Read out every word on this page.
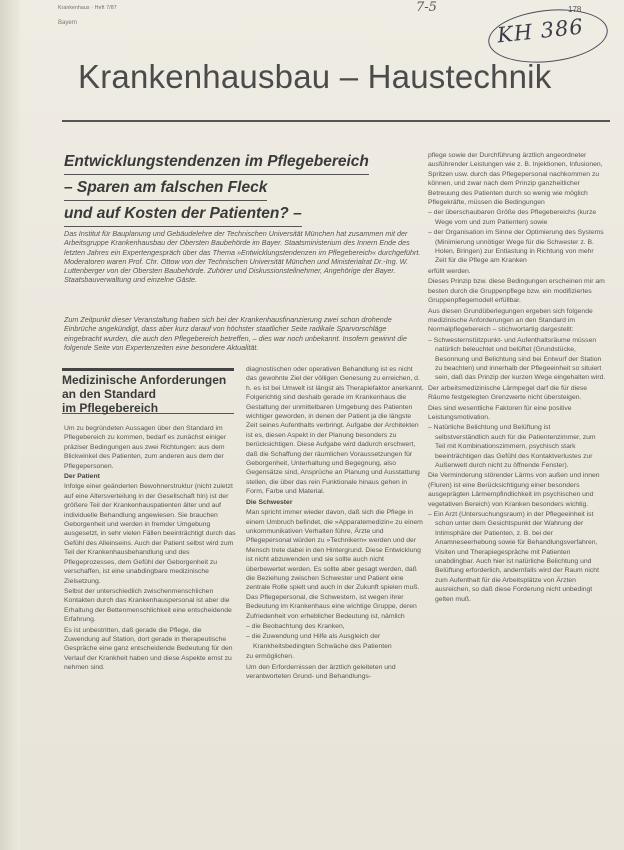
Krankenhaus · Heft 7/87	7-5	178
KH 386
Bayern
Krankenhausbau – Haustechnik
Entwicklungstendenzen im Pflegebereich
– Sparen am falschen Fleck
und auf Kosten der Patienten? –

Das Institut für Bauplanung und Gebäudelehre der Technischen Universität München hat zusammen mit der Arbeitsgruppe Krankenhausbau der Obersten Baubehörde im Bayer. Staatsministerium des Innern Ende des letzten Jahres ein Expertengespräch über das Thema »Entwicklungstendenzen im Pflegebereich« durchgeführt. Moderatoren waren Prof. Chr. Ottow von der Technischen Universität München und Ministerialrat Dr.-Ing. W. Luttenberger von der Obersten Baubehörde. Zuhörer und Diskussionsteilnehmer, Angehörige der Bayer. Staatsbauverwaltung und einzelne Gäste.

Zum Zeitpunkt dieser Veranstaltung haben sich bei der Krankenhausfinanzierung zwei schon drohende Einbrüche angekündigt, dass aber kurz darauf von höchster staatlicher Seite radikale Sparvorschläge eingebracht wurden, die auch den Pflegebereich betreffen, – dies war noch unbekannt. Insofern gewinnt die folgende Seite von Expertenzeiten eine besondere Aktualität.

pflege sowie der Durchführung ärztlich angeordneter ausführender Leistungen wie z. B. Injektionen, Infusionen, Spritzen usw. durch das Pflegepersonal nachkommen zu können, und zwar nach dem Prinzip ganzheitlicher Betreuung des Patienten durch so wenig wie möglich Pflegekräfte, müssen die Bedingungen

– der überschaubaren Größe des Pflegebereichs (kurze Wege vom und zum Patienten) sowie

– der Organisation im Sinne der Optimierung des Systems (Minimierung unnötiger Wege für die Schwester z. B. Holen, Bringen) zur Entlastung in Richtung von mehr Zeit für die Pflege am Kranken

erfüllt werden.

Dieses Prinzip bzw. diese Bedingungen erscheinen mir am besten durch die Gruppenpflege bzw. ein modifiziertes Gruppenpflegemodell erfüllbar.

Aus diesen Grundüberlegungen ergeben sich folgende medizinische Anforderungen an den Standard im Normalpflegebereich – stichwortartig dargestellt:

– Schwesternstützpunkt- und Aufenthaltsräume müssen natürlich beleuchtet und belüftet (Grundstücke, Besonnung und Belichtung sind bei Entwurf der Station zu beachten) und innerhalb der Pflegeeinheit so situiert sein, daß das Prinzip der kurzen Wege eingehalten wird.

Der arbeitsmedizinische Lärmpegel darf die für diese Räume festgelegten Grenzwerte nicht übersteigen.

Dies sind wesentliche Faktoren für eine positive Leistungsmotivation.

– Natürliche Belichtung und Belüftung ist selbstverständlich auch für die Patientenzimmer, zum Teil mit Kombinationszimmern, psychisch stark beeinträchtigen das Gefühl des Kontaktverlustes zur Außenwelt durch nicht zu öffnende Fenster).

Die Verminderung störender Lärms von außen und innen (Fluren) ist eine Berücksichtigung einer besonders ausgeprägten Lärmempfindlichkeit im psychischen und vegetativen Bereich) von Kranken besonders wichtig.

– Ein Arzt (Untersuchungsraum) in der Pflegeeinheit ist schon unter dem Gesichtspunkt der Wahrung der Intimsphäre der Patienten, z. B. bei der Anamneseerhebung sowie für Behandlungsverfahren, Visiten und Therapiegespräche mit Patienten unabdingbar. Auch hier ist natürliche Belichtung und Belüftung erforderlich, andernfalls wird der Raum nicht zum Aufenthalt für die Arbeitsplätze von Ärzten ausreichen, so daß diese Forderung nicht unbedingt gelten muß.

Medizinische Anforderungen
an den Standard
im Pflegebereich

Um zu begründeten Aussagen über den Standard im Pflegebereich zu kommen, bedarf es zunächst einiger präziser Bedingungen aus zwei Richtungen: aus dem Blickwinkel des Patienten, zum anderen aus dem der Pflegepersonen.

Der Patient

Infolge einer geänderten Bewohnerstruktur (nicht zuletzt auf eine Altersverteilung in der Gesellschaft hin) ist der größere Teil der Krankenhauspatienten älter und auf individuelle Behandlung angewiesen. Sie brauchen Geborgenheit und werden in fremder Umgebung ausgesetzt, in sehr vielen Fällen beeinträchtigt durch das Gefühl des Alleinseins. Auch der Patient selbst wird zum Teil der Krankenhausbehandlung und des Pflegeprozesses, dem Gefühl der Geborgenheit zu verschaffen, ist eine unabdingbare medizinische Zielsetzung.

Selbst der unterschiedlich zwischenmenschlichen Kontakten durch das Krankenhauspersonal ist aber die Erhaltung der Bettenmenschlichkeit eine entscheidende Erfahrung.

Es ist unbestritten, daß gerade die Pflege, die Zuwendung auf Station, dort gerade in therapeutische Gespräche eine ganz entscheidende Bedeutung für den Verlauf der Krankheit haben und diese Aspekte ernst zu nehmen sind.

diagnostischen oder operativen Behandlung ist es nicht das gewohnte Ziel der völligen Genesung zu erreichen, d. h. es ist bei Umwelt ist längst als Therapiefaktor anerkannt. Folgerichtig sind deshalb gerade im Krankenhaus die Gestaltung der unmittelbaren Umgebung des Patienten wichtiger geworden, in denen der Patient ja die längste Zeit seines Aufenthalts verbringt. Aufgabe der Architekten ist es, diesen Aspekt in der Planung besonders zu berücksichtigen. Diese Aufgabe wird dadurch erschwert, daß die Schaffung der räumlichen Voraussetzungen für Geborgenheit, Unterhaltung und Begegnung, also Gegensätze sind, Ansprüche an Planung und Ausstattung stellen, die über das rein Funktionale hinaus gehen in Form, Farbe und Material.

Die Schwester

Man spricht immer wieder davon, daß sich die Pflege in einem Umbruch befindet, die »Apparatemedizin« zu einem unkommunikativen Verhalten führe, Ärzte und Pflegepersonal würden zu »Technikern« werden und der Mensch trete dabei in den Hintergrund. Diese Entwicklung ist nicht abzuwenden und sie sollte auch nicht überbewertet werden. Es sollte aber gesagt werden, daß die Beziehung zwischen Schwester und Patient eine zentrale Rolle spielt und auch in der Zukunft spielen muß. Das Pflegepersonal, die Schwestern, ist wegen ihrer Bedeutung im Krankenhaus eine wichtige Gruppe, deren Zufriedenheit von erheblicher Bedeutung ist, nämlich

– die Beobachtung des Kranken,

– die Zuwendung und Hilfe als Ausgleich der Krankheitsbedingten Schwäche des Patienten

zu ermöglichen.

Um den Erfordernissen der ärztlich geleiteten und verantworteten Grund- und Behandlungs-
